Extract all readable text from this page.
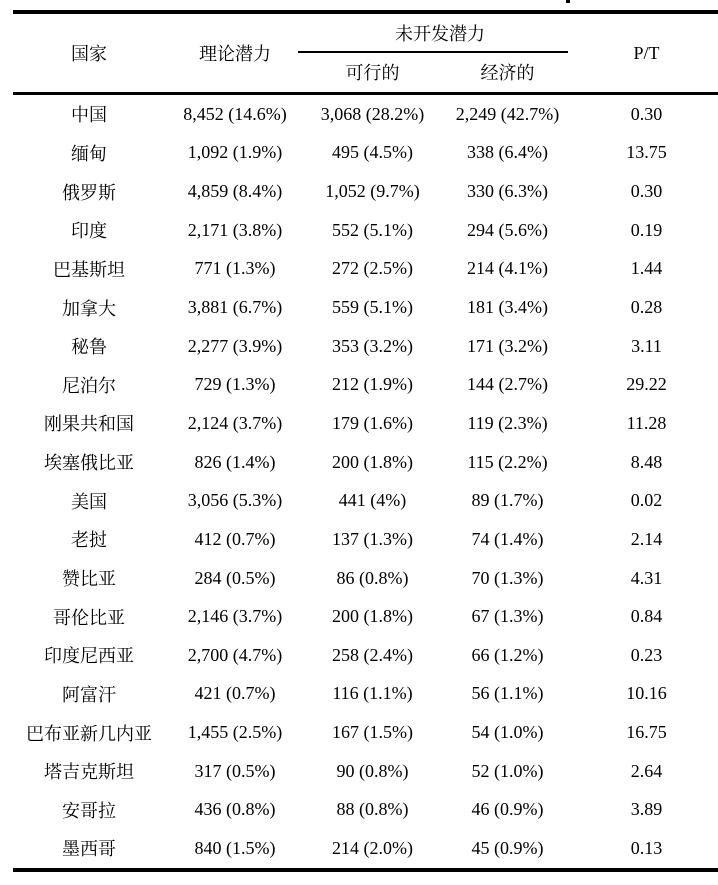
国家	理论潜力	未开发潜力		P/T
		可行的	经济的	
中国	8,452 (14.6%)	3,068 (28.2%)	2,249 (42.7%)	0.30
缅甸	1,092 (1.9%)	495 (4.5%)	338 (6.4%)	13.75
俄罗斯	4,859 (8.4%)	1,052 (9.7%)	330 (6.3%)	0.30
印度	2,171 (3.8%)	552 (5.1%)	294 (5.6%)	0.19
巴基斯坦	771 (1.3%)	272 (2.5%)	214 (4.1%)	1.44
加拿大	3,881 (6.7%)	559 (5.1%)	181 (3.4%)	0.28
秘鲁	2,277 (3.9%)	353 (3.2%)	171 (3.2%)	3.11
尼泊尔	729 (1.3%)	212 (1.9%)	144 (2.7%)	29.22
刚果共和国	2,124 (3.7%)	179 (1.6%)	119 (2.3%)	11.28
埃塞俄比亚	826 (1.4%)	200 (1.8%)	115 (2.2%)	8.48
美国	3,056 (5.3%)	441 (4%)	89 (1.7%)	0.02
老挝	412 (0.7%)	137 (1.3%)	74 (1.4%)	2.14
赞比亚	284 (0.5%)	86 (0.8%)	70 (1.3%)	4.31
哥伦比亚	2,146 (3.7%)	200 (1.8%)	67 (1.3%)	0.84
印度尼西亚	2,700 (4.7%)	258 (2.4%)	66 (1.2%)	0.23
阿富汗	421 (0.7%)	116 (1.1%)	56 (1.1%)	10.16
巴布亚新几内亚	1,455 (2.5%)	167 (1.5%)	54 (1.0%)	16.75
塔吉克斯坦	317 (0.5%)	90 (0.8%)	52 (1.0%)	2.64
安哥拉	436 (0.8%)	88 (0.8%)	46 (0.9%)	3.89
墨西哥	840 (1.5%)	214 (2.0%)	45 (0.9%)	0.13
